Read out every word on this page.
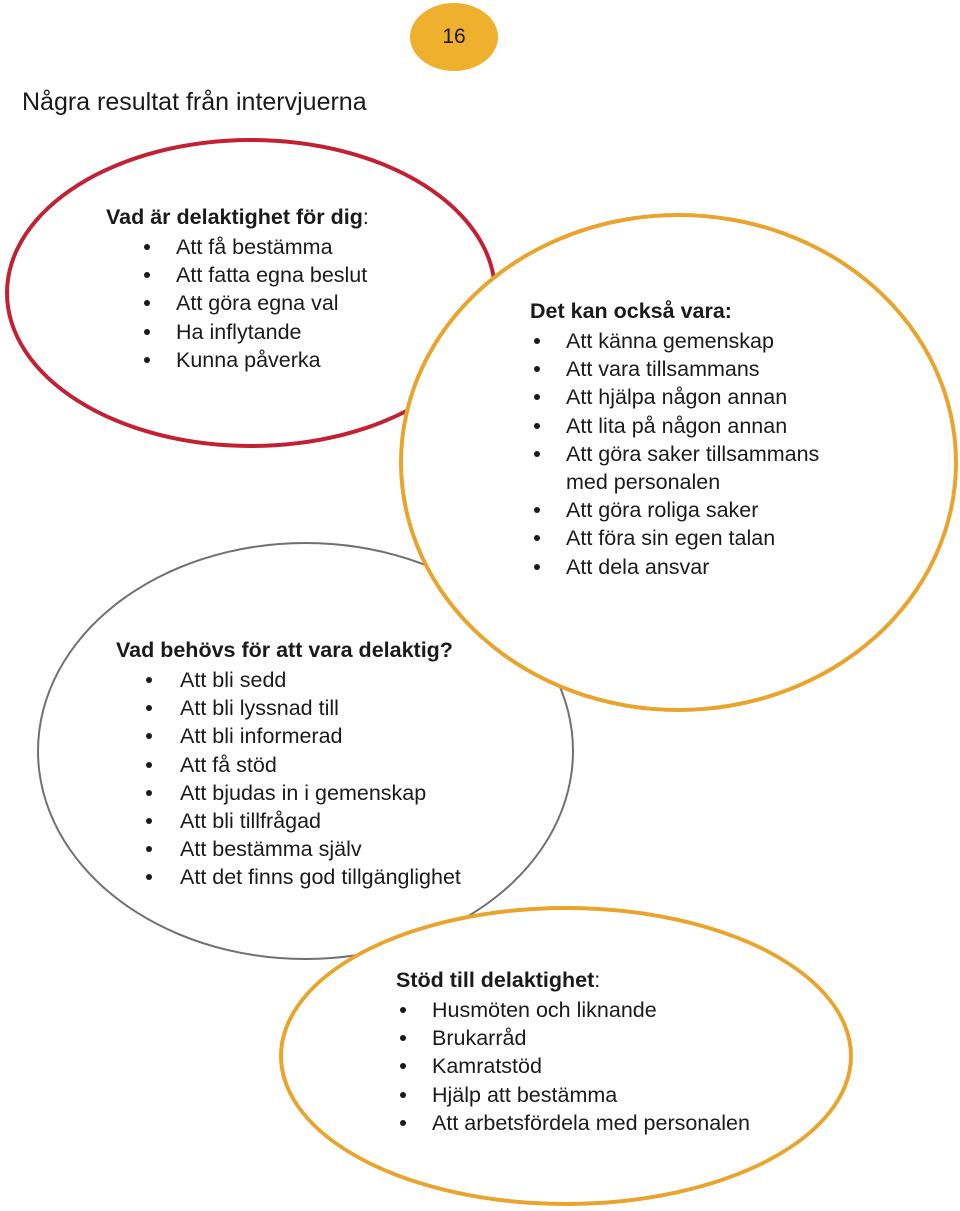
16
Några resultat från intervjuerna
Vad är delaktighet för dig:
Att få bestämma
Att fatta egna beslut
Att göra egna val
Ha inflytande
Kunna påverka
Det kan också vara:
Att känna gemenskap
Att vara tillsammans
Att hjälpa någon annan
Att lita på någon annan
Att göra saker tillsammans
med personalen
Att göra roliga saker
Att föra sin egen talan
Att dela ansvar
Vad behövs för att vara delaktig?
Att bli sedd
Att bli lyssnad till
Att bli informerad
Att få stöd
Att bjudas in i gemenskap
Att bli tillfrågad
Att bestämma själv
Att det finns god tillgänglighet
Stöd till delaktighet:
Husmöten och liknande
Brukarråd
Kamratstöd
Hjälp att bestämma
Att arbetsfördela med personalen
